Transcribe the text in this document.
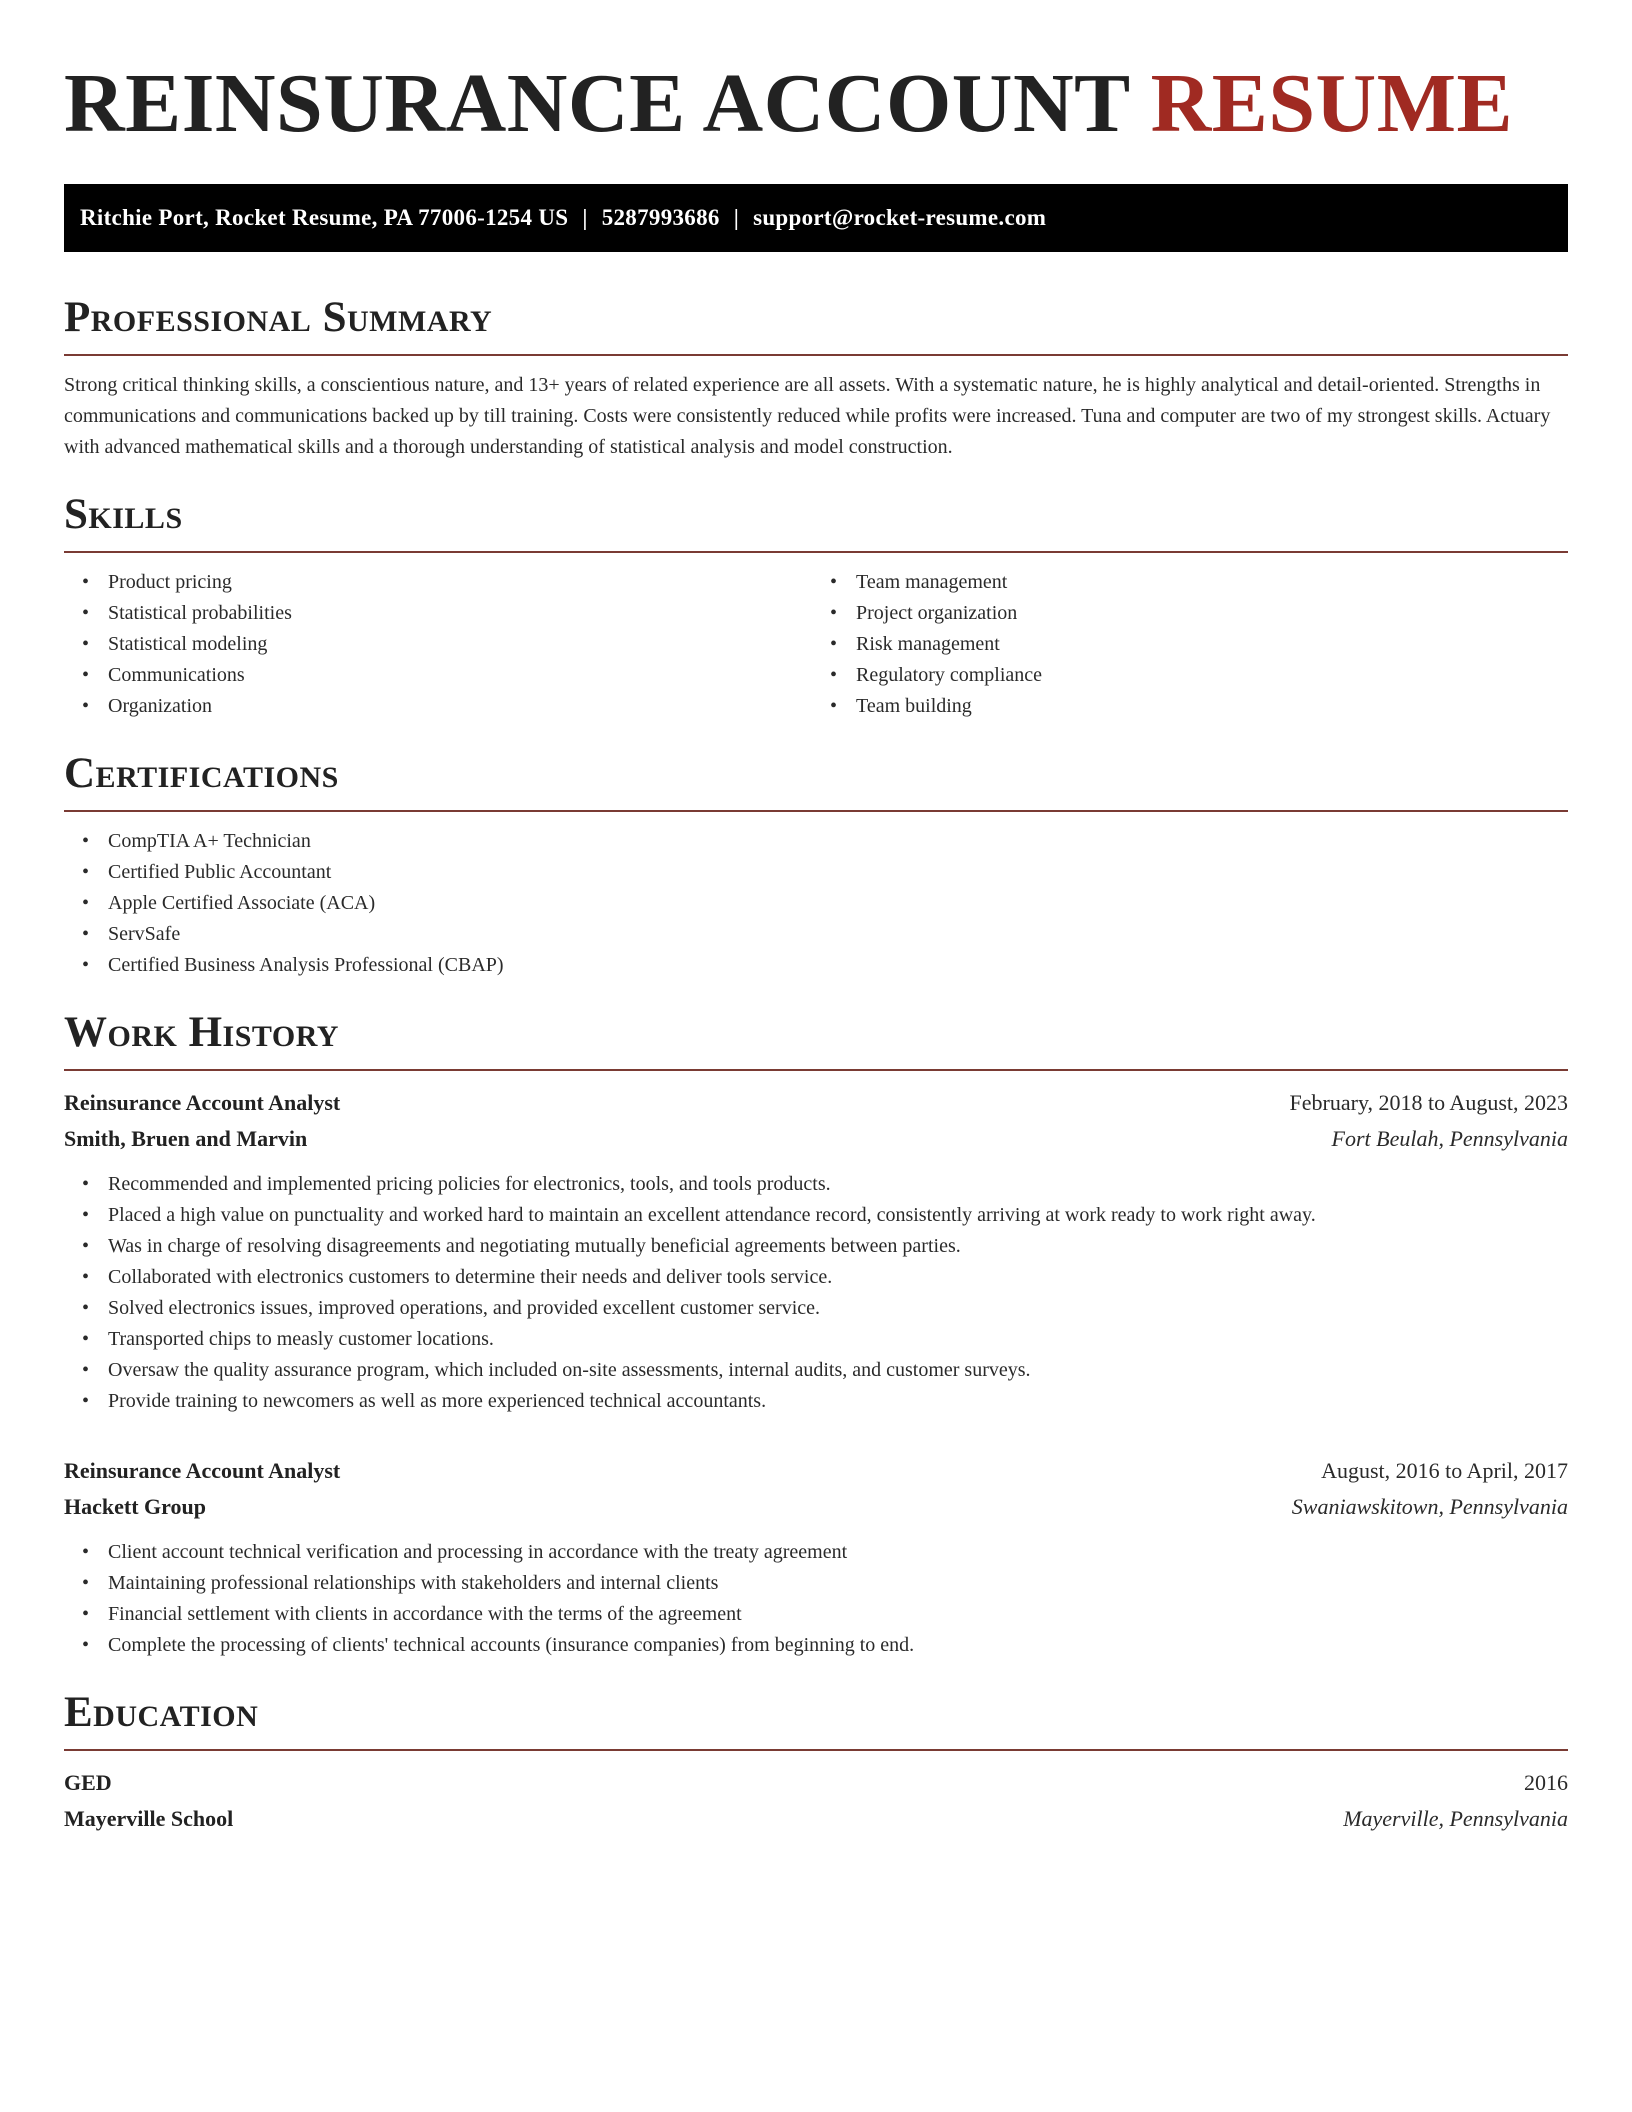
REINSURANCE ACCOUNT RESUME
Ritchie Port, Rocket Resume, PA 77006-1254 US | 5287993686 | support@rocket-resume.com
Professional Summary

Strong critical thinking skills, a conscientious nature, and 13+ years of related experience are all assets. With a systematic nature, he is highly analytical and detail-oriented. Strengths in communications and communications backed up by till training. Costs were consistently reduced while profits were increased. Tuna and computer are two of my strongest skills. Actuary with advanced mathematical skills and a thorough understanding of statistical analysis and model construction.

Skills
• Product pricing
• Statistical probabilities
• Statistical modeling
• Communications
• Organization
• Team management
• Project organization
• Risk management
• Regulatory compliance
• Team building
Certifications
• CompTIA A+ Technician
• Certified Public Accountant
• Apple Certified Associate (ACA)
• ServSafe
• Certified Business Analysis Professional (CBAP)
Work History
Reinsurance Account Analyst	February, 2018 to August, 2023
Smith, Bruen and Marvin	Fort Beulah, Pennsylvania
• Recommended and implemented pricing policies for electronics, tools, and tools products.
• Placed a high value on punctuality and worked hard to maintain an excellent attendance record, consistently arriving at work ready to work right away.
• Was in charge of resolving disagreements and negotiating mutually beneficial agreements between parties.
• Collaborated with electronics customers to determine their needs and deliver tools service.
• Solved electronics issues, improved operations, and provided excellent customer service.
• Transported chips to measly customer locations.
• Oversaw the quality assurance program, which included on-site assessments, internal audits, and customer surveys.
• Provide training to newcomers as well as more experienced technical accountants.
Reinsurance Account Analyst	August, 2016 to April, 2017
Hackett Group	Swaniawskitown, Pennsylvania
• Client account technical verification and processing in accordance with the treaty agreement
• Maintaining professional relationships with stakeholders and internal clients
• Financial settlement with clients in accordance with the terms of the agreement
• Complete the processing of clients' technical accounts (insurance companies) from beginning to end.
Education
GED	2016
Mayerville School	Mayerville, Pennsylvania
